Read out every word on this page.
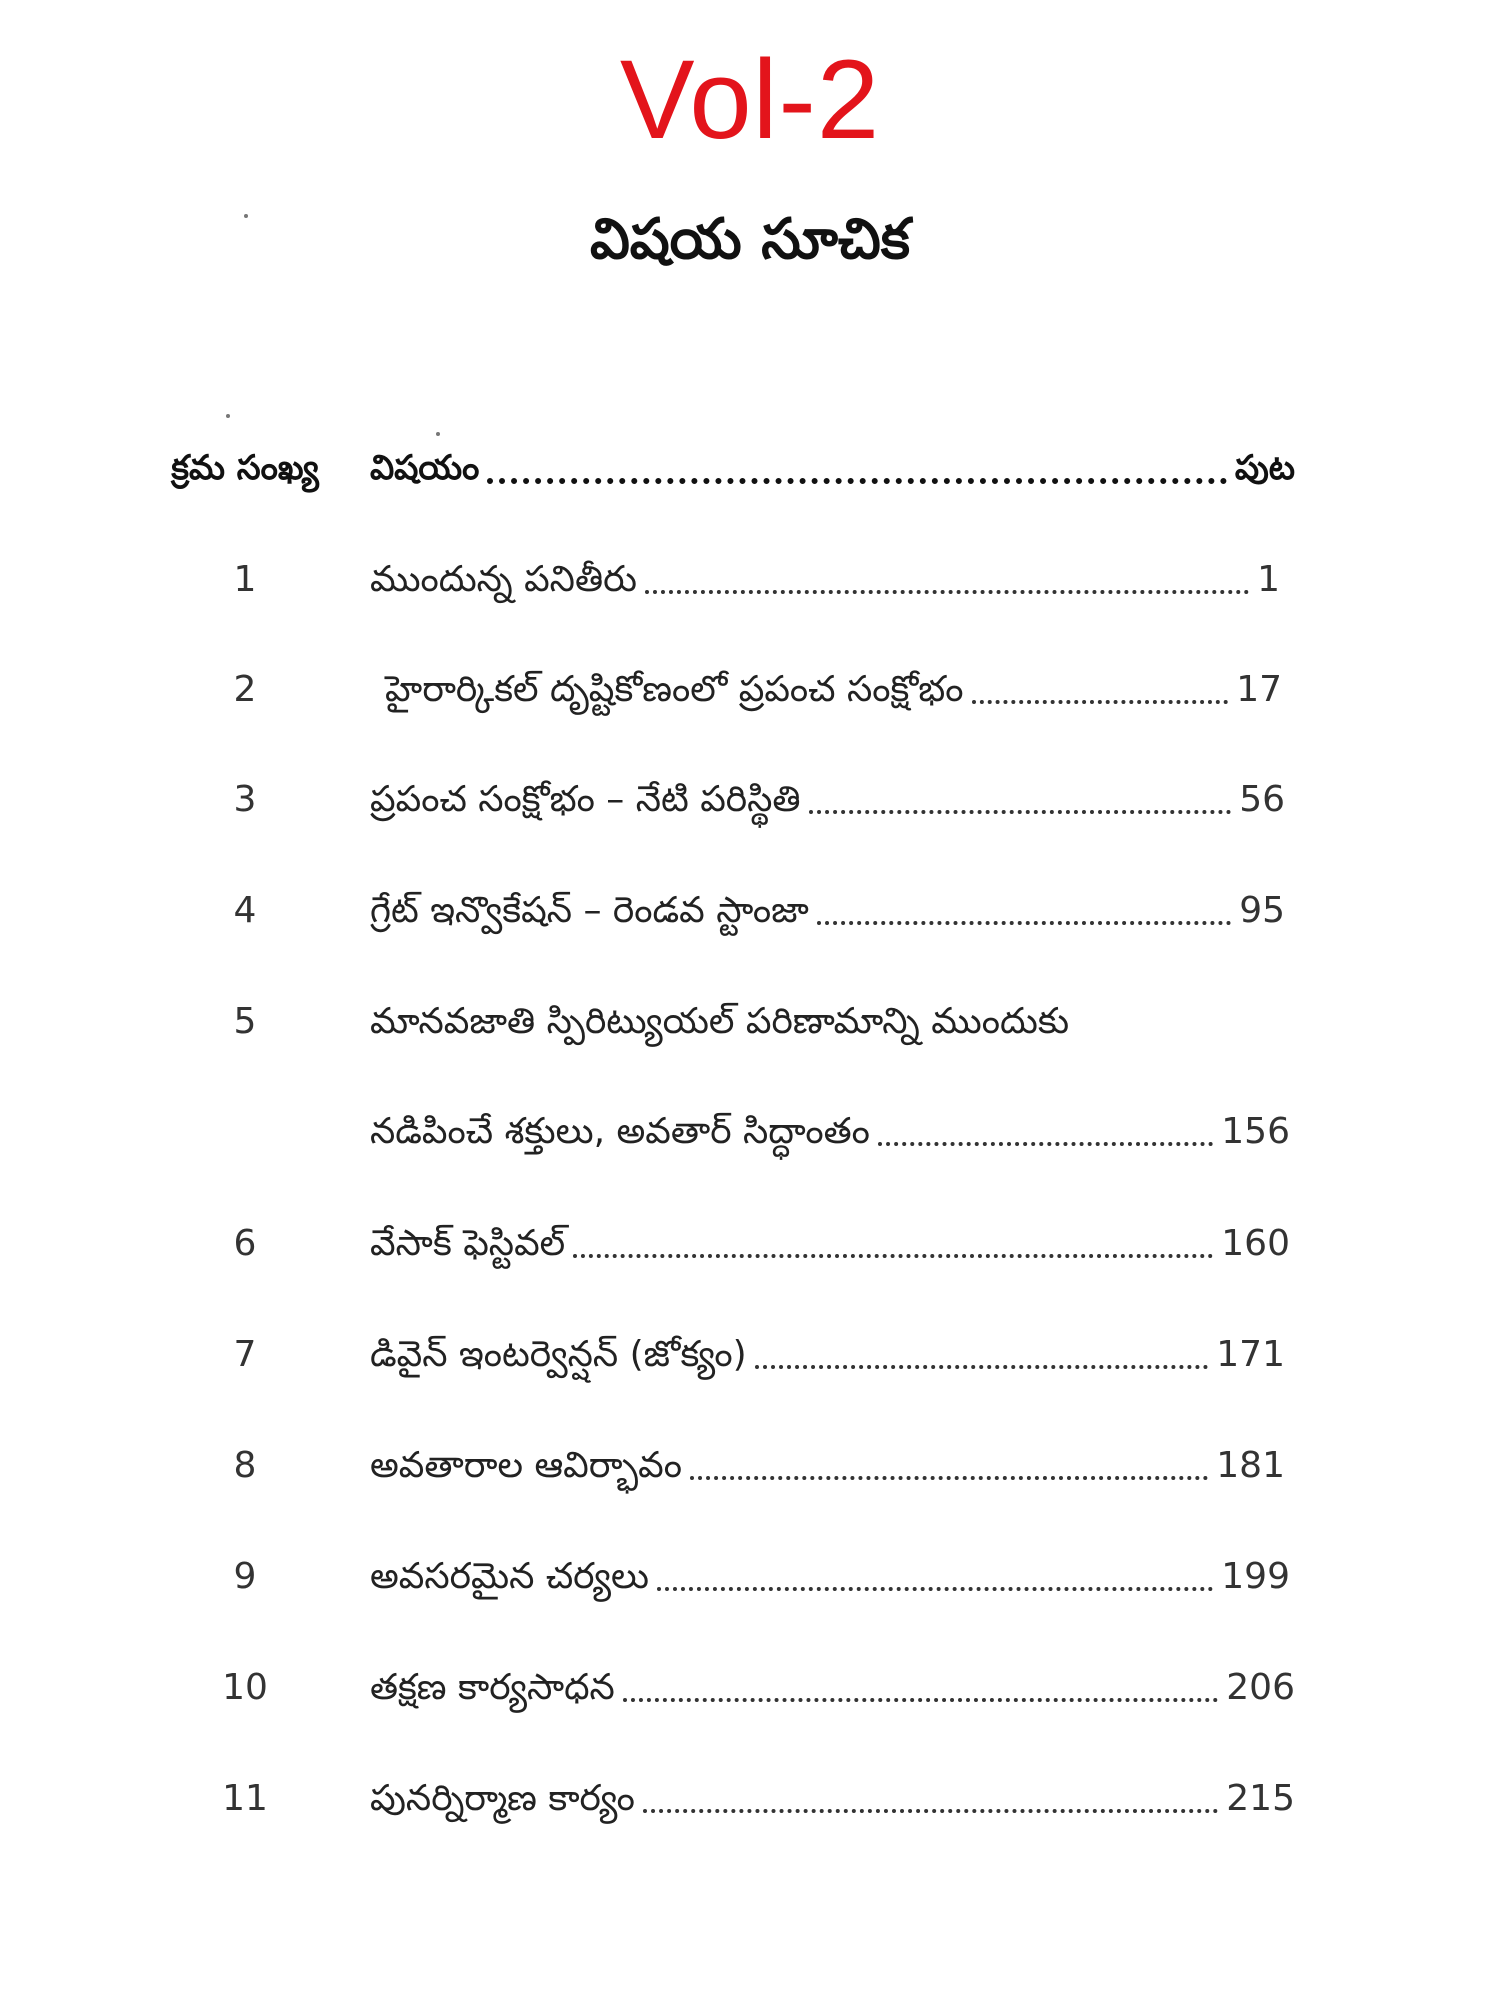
Vol-2
విషయ సూచిక
క్రమ సంఖ్య	విషయం	పుట
1	ముందున్న పనితీరు	1
2	హైరార్కికల్ దృష్టికోణంలో ప్రపంచ సంక్షోభం	17
3	ప్రపంచ సంక్షోభం – నేటి పరిస్థితి	56
4	గ్రేట్ ఇన్వొకేషన్ – రెండవ స్టాంజా	95
5	మానవజాతి స్పిరిట్యుయల్ పరిణామాన్ని ముందుకు
నడిపించే శక్తులు, అవతార్ సిద్ధాంతం	156
6	వేసాక్ ఫెస్టివల్	160
7	డివైన్ ఇంటర్వెన్షన్ (జోక్యం)	171
8	అవతారాల ఆవిర్భావం	181
9	అవసరమైన చర్యలు	199
10	తక్షణ కార్యసాధన	206
11	పునర్నిర్మాణ కార్యం	215
